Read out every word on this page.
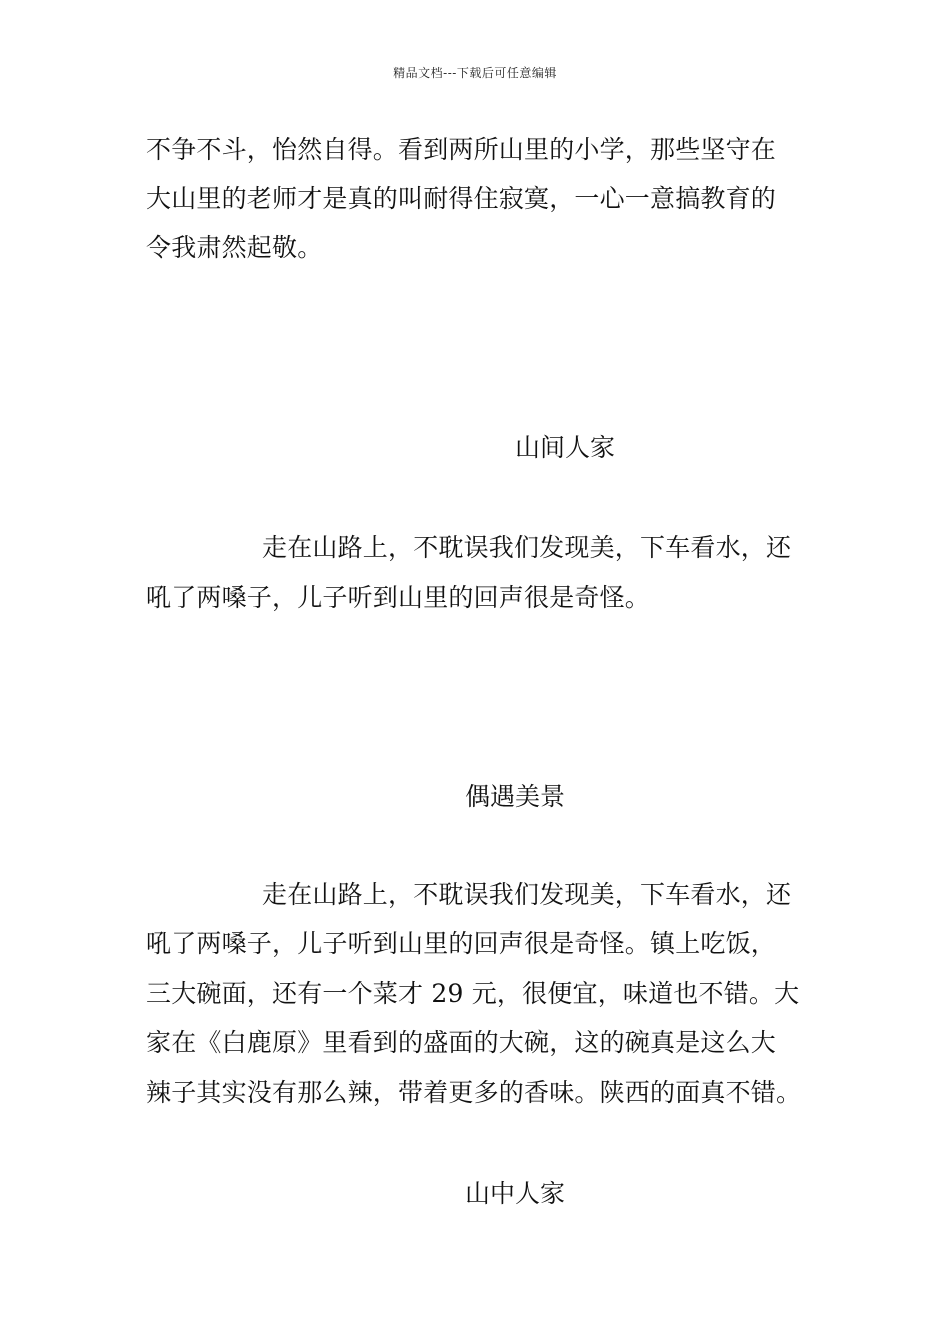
精品文档---下载后可任意编辑
不争不斗，怡然自得。看到两所山里的小学，那些坚守在
大山里的老师才是真的叫耐得住寂寞，一心一意搞教育的
令我肃然起敬。
山间人家
走在山路上，不耽误我们发现美，下车看水，还
吼了两嗓子，儿子听到山里的回声很是奇怪。
偶遇美景
走在山路上，不耽误我们发现美，下车看水，还
吼了两嗓子，儿子听到山里的回声很是奇怪。镇上吃饭，
三大碗面，还有一个菜才 29 元，很便宜，味道也不错。大
家在《白鹿原》里看到的盛面的大碗，这的碗真是这么大
辣子其实没有那么辣，带着更多的香味。陕西的面真不错。
山中人家
